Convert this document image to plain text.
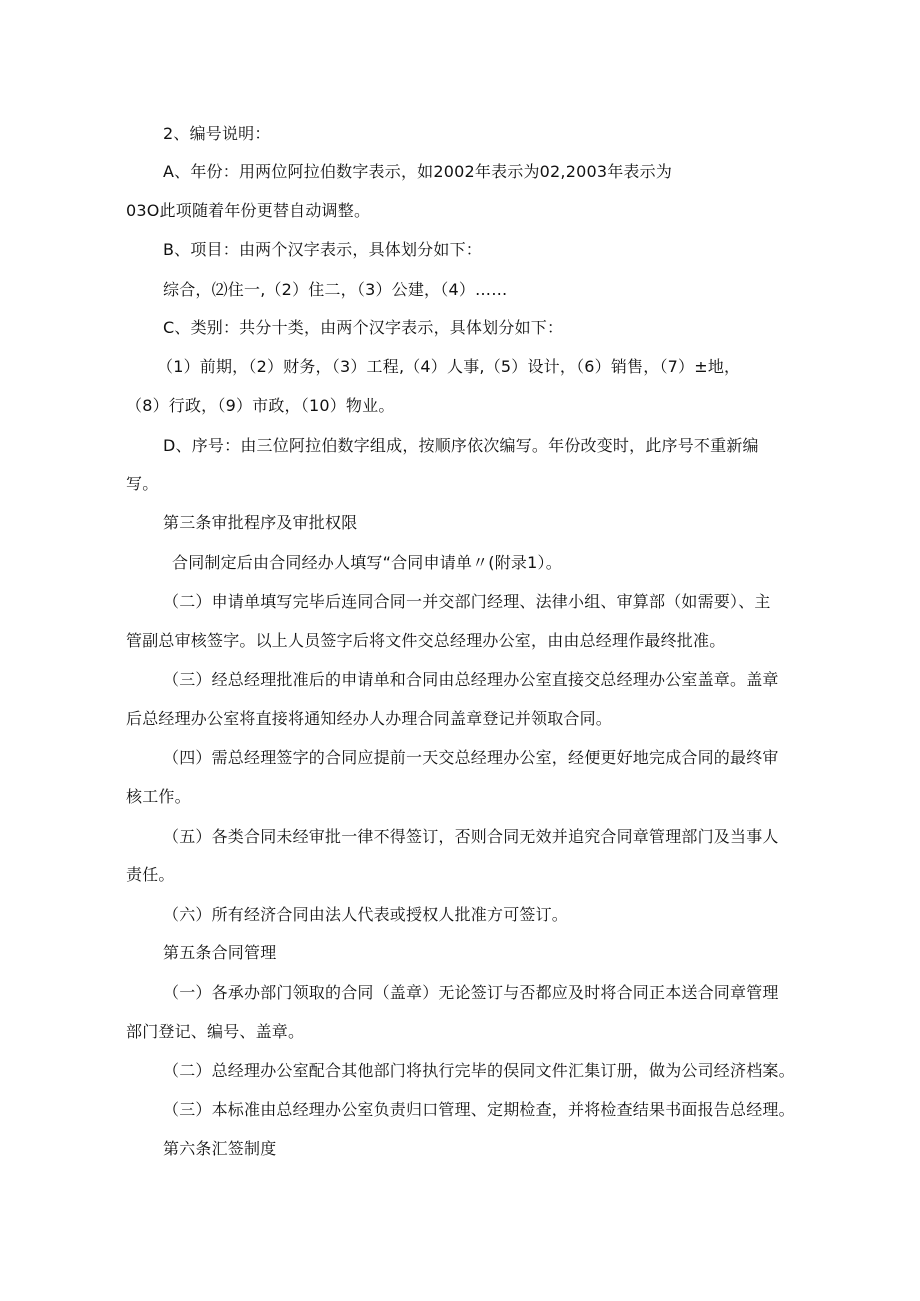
2、编号说明：
A、年份：用两位阿拉伯数字表示，如2002年表示为02,2003年表示为
03O此项随着年份更替自动调整。
B、项目：由两个汉字表示，具体划分如下：
综合，⑵住一,（2）住二，（3）公建，（4）……
C、类别：共分十类，由两个汉字表示，具体划分如下：
（1）前期，（2）财务，（3）工程,（4）人事,（5）设计，（6）销售，（7）±地，
（8）行政，（9）市政，（10）物业。
D、序号：由三位阿拉伯数字组成，按顺序依次编写。年份改变时，此序号不重新编
写。
第三条审批程序及审批权限
合同制定后由合同经办人填写“合同申请单〃(附录1）。
（二）申请单填写完毕后连同合同一并交部门经理、法律小组、审算部（如需要）、主
管副总审核签字。以上人员签字后将文件交总经理办公室，由由总经理作最终批准。
（三）经总经理批准后的申请单和合同由总经理办公室直接交总经理办公室盖章。盖章
后总经理办公室将直接将通知经办人办理合同盖章登记并领取合同。
（四）需总经理签字的合同应提前一天交总经理办公室，经便更好地完成合同的最终审
核工作。
（五）各类合同未经审批一律不得签订，否则合同无效并追究合同章管理部门及当事人
责任。
（六）所有经济合同由法人代表或授权人批准方可签订。
第五条合同管理
（一）各承办部门领取的合同（盖章）无论签订与否都应及时将合同正本送合同章管理
部门登记、编号、盖章。
（二）总经理办公室配合其他部门将执行完毕的俣同文件汇集订册，做为公司经济档案。
（三）本标准由总经理办公室负责归口管理、定期检查，并将检查结果书面报告总经理。
第六条汇签制度
